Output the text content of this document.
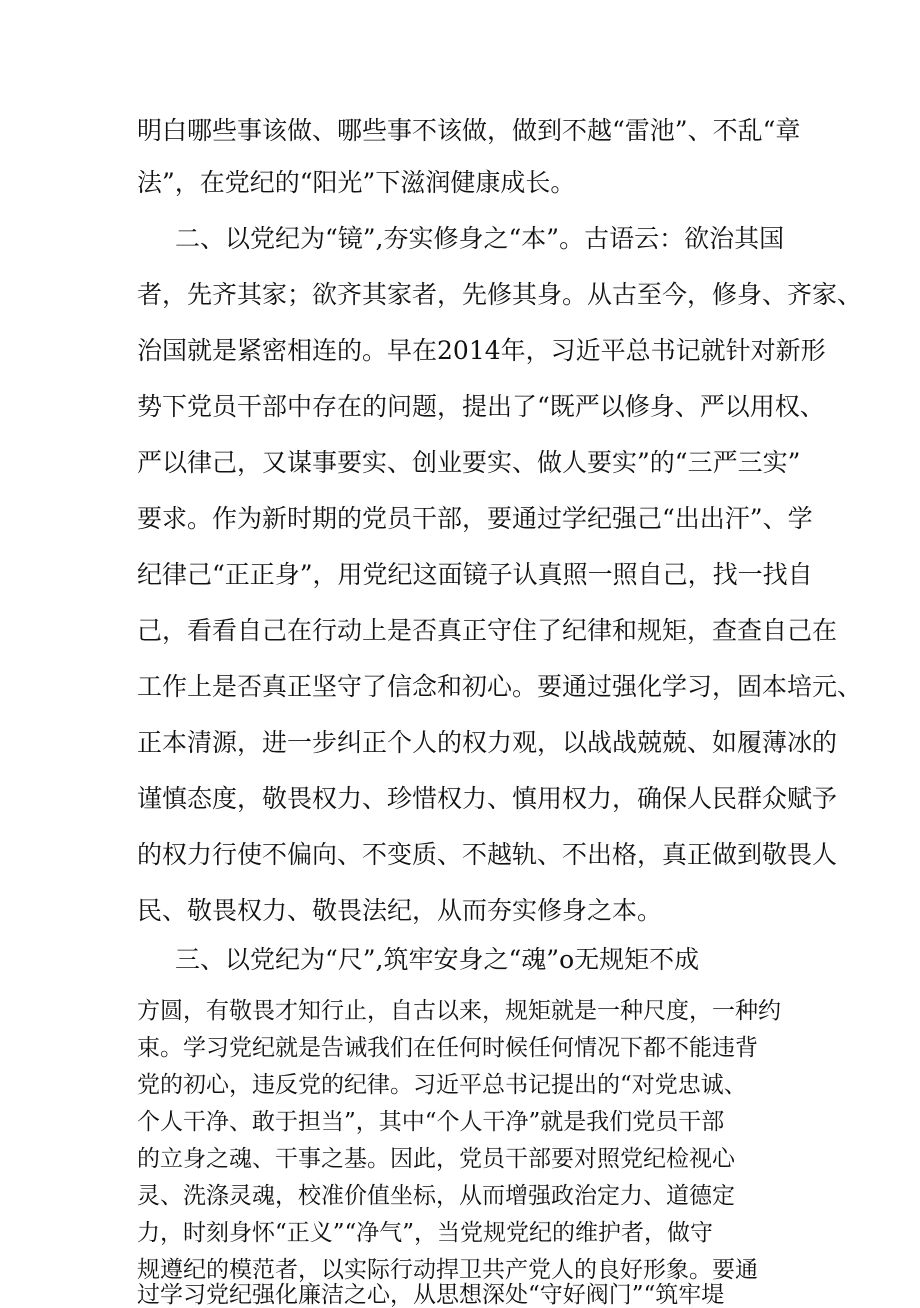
明白哪些事该做、哪些事不该做，做到不越“雷池”、不乱“章
法”，在党纪的“阳光”下滋润健康成长。
二、以党纪为“镜”,夯实修身之“本”。古语云：欲治其国
者，先齐其家；欲齐其家者，先修其身。从古至今，修身、齐家、
治国就是紧密相连的。早在2014年，习近平总书记就针对新形
势下党员干部中存在的问题，提出了“既严以修身、严以用权、
严以律己，又谋事要实、创业要实、做人要实”的“三严三实”
要求。作为新时期的党员干部，要通过学纪强己“出出汗”、学
纪律己“正正身”，用党纪这面镜子认真照一照自己，找一找自
己，看看自己在行动上是否真正守住了纪律和规矩，查查自己在
工作上是否真正坚守了信念和初心。要通过强化学习，固本培元、
正本清源，进一步纠正个人的权力观，以战战兢兢、如履薄冰的
谨慎态度，敬畏权力、珍惜权力、慎用权力，确保人民群众赋予
的权力行使不偏向、不变质、不越轨、不出格，真正做到敬畏人
民、敬畏权力、敬畏法纪，从而夯实修身之本。
三、以党纪为“尺”,筑牢安身之“魂”o无规矩不成
方圆，有敬畏才知行止，自古以来，规矩就是一种尺度，一种约
束。学习党纪就是告诫我们在任何时候任何情况下都不能违背
党的初心，违反党的纪律。习近平总书记提出的“对党忠诚、
个人干净、敢于担当”，其中“个人干净”就是我们党员干部
的立身之魂、干事之基。因此，党员干部要对照党纪检视心
灵、洗涤灵魂，校准价值坐标，从而增强政治定力、道德定
力，时刻身怀“正义”“净气”，当党规党纪的维护者，做守
规遵纪的模范者，以实际行动捍卫共产党人的良好形象。要通
过学习党纪强化廉洁之心，从思想深处“守好阀门”“筑牢堤
